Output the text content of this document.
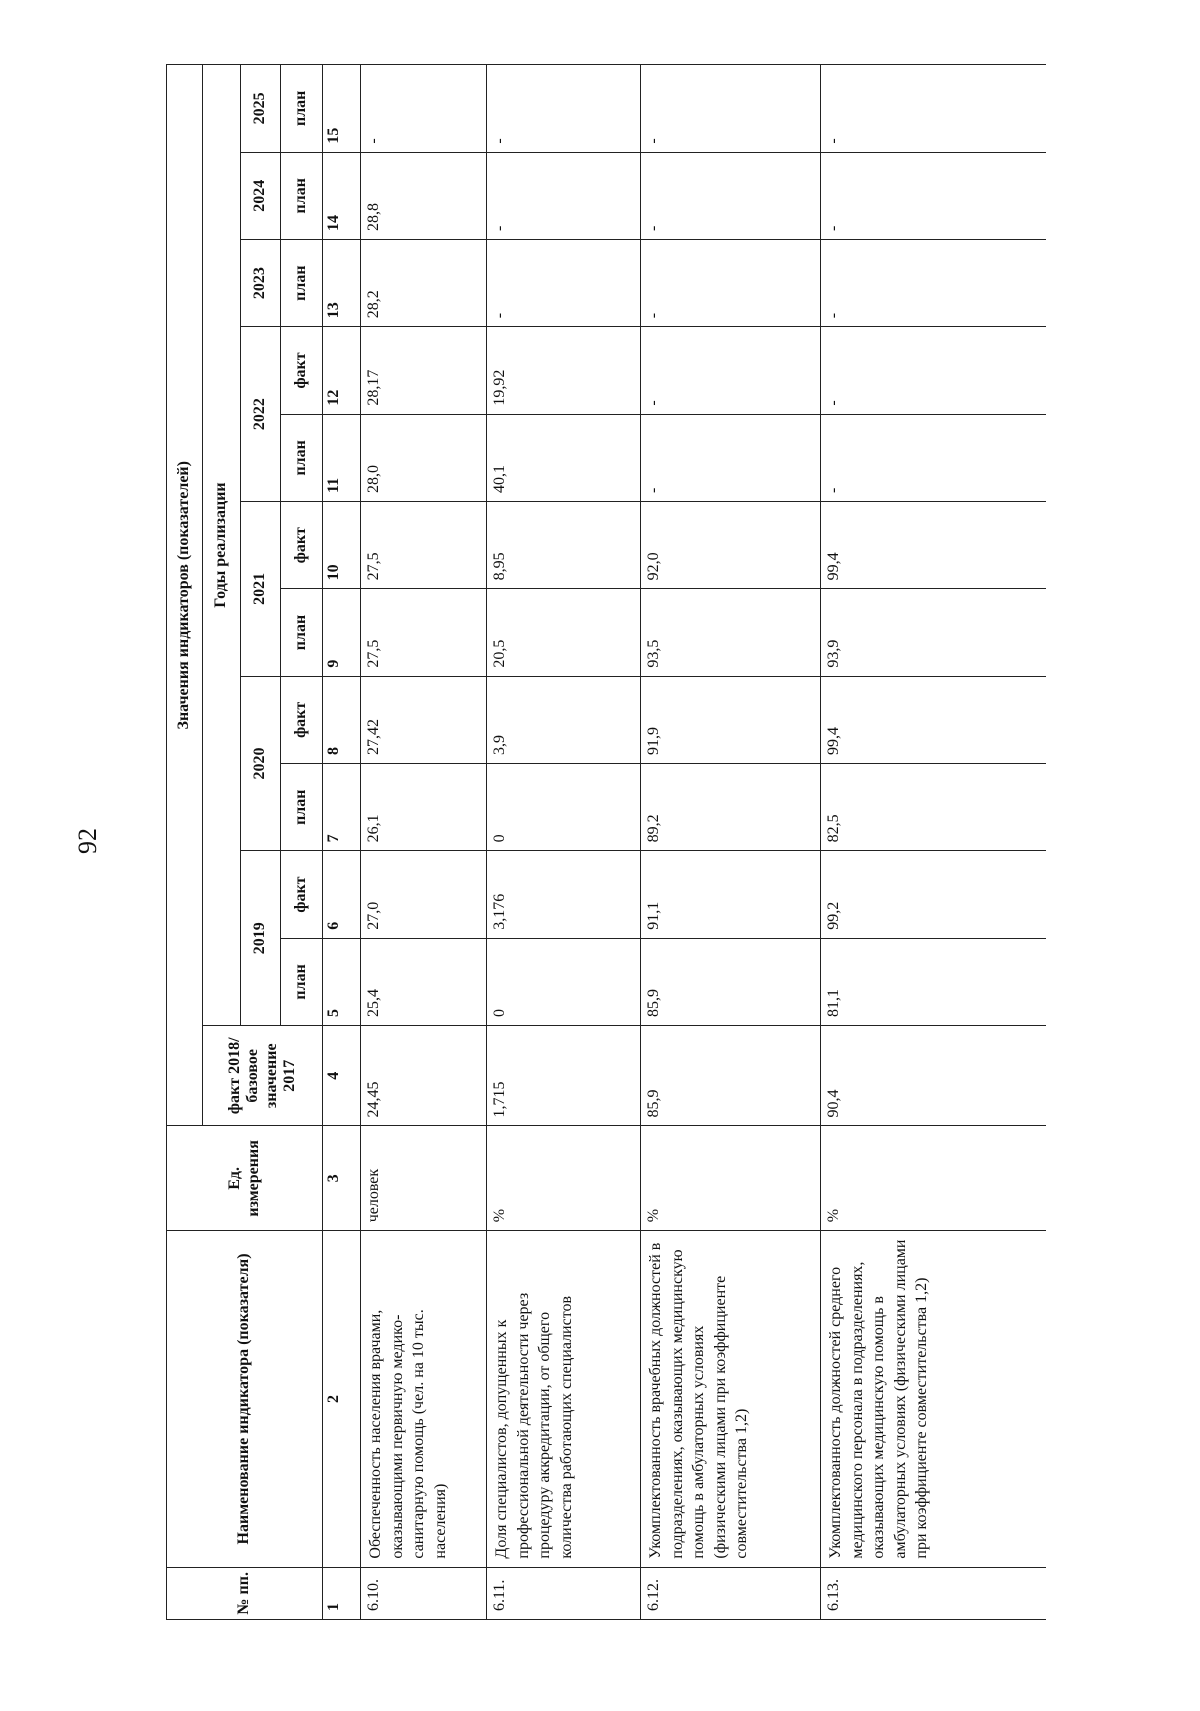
92
№ пп.	Наименование индикатора (показателя)	Ед. измерения	Значения индикаторов (показателей)											
			факт 2018/базовое значение 2017	Годы реализации										
				2019		2020		2021		2022		2023	2024	2025
				план	факт	план	факт	план	факт	план	факт	план	план	план
1	2	3	4	5	6	7	8	9	10	11	12	13	14	15
6.10.	Обеспеченность населения врачами, оказывающими первичную медико-санитарную помощь (чел. на 10 тыс. населения)	человек	24,45	25,4	27,0	26,1	27,42	27,5	27,5	28,0	28,17	28,2	28,8	-
6.11.	Доля специалистов, допущенных к профессиональной деятельности через процедуру аккредитации, от общего количества работающих специалистов	%	1,715	0	3,176	0	3,9	20,5	8,95	40,1	19,92	-	-	-
6.12.	Укомплектованность врачебных должностей в подразделениях, оказывающих медицинскую помощь в амбулаторных условиях (физическими лицами при коэффициенте совместительства 1,2)	%	85,9	85,9	91,1	89,2	91,9	93,5	92,0	-	-	-	-	-
6.13.	Укомплектованность должностей среднего медицинского персонала в подразделениях, оказывающих медицинскую помощь в амбулаторных условиях (физическими лицами при коэффициенте совместительства 1,2)	%	90,4	81,1	99,2	82,5	99,4	93,9	99,4	-	-	-	-	-
